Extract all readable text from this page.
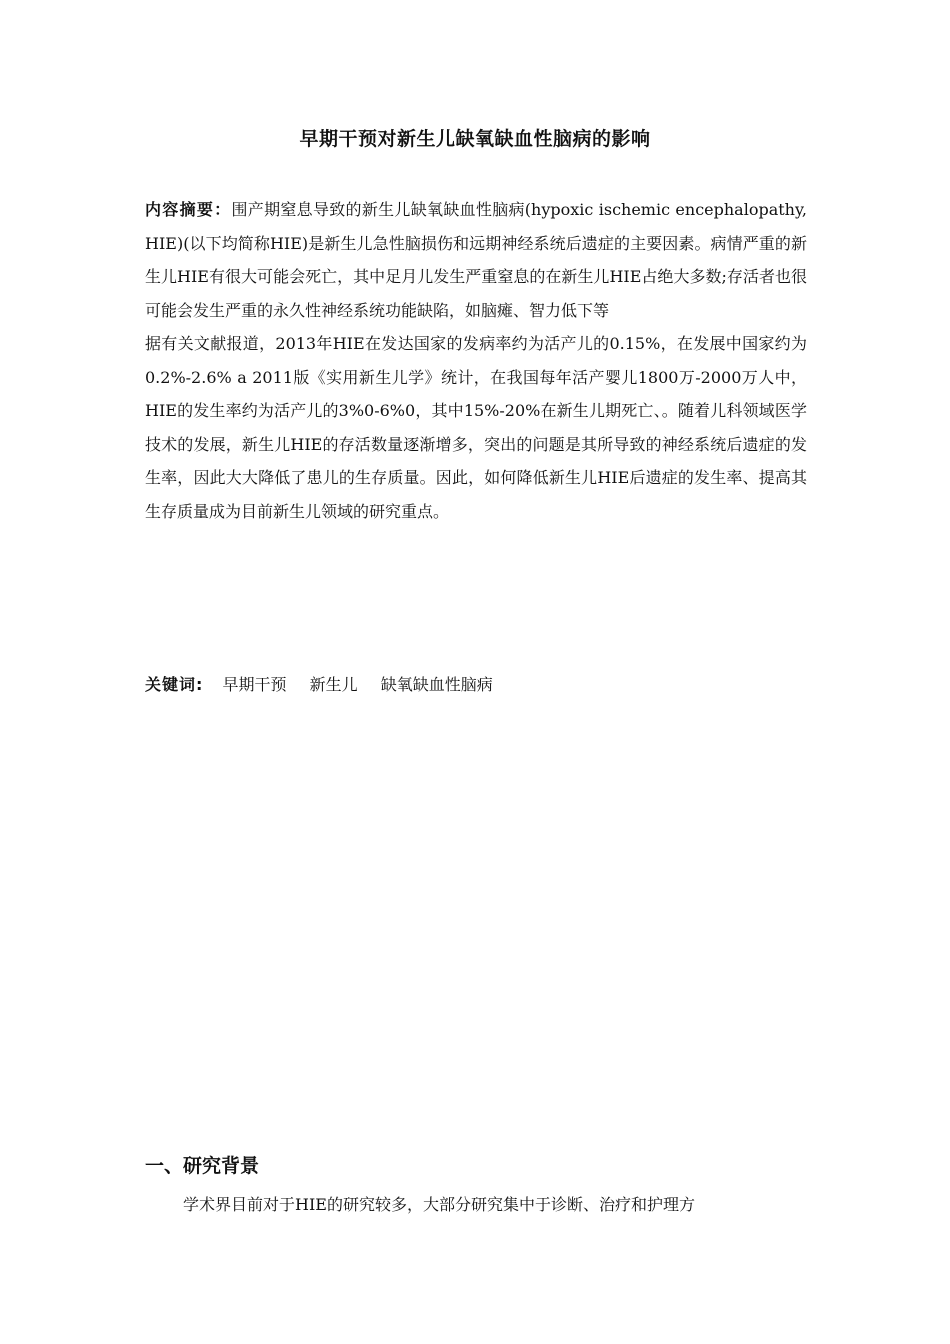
早期干预对新生儿缺氧缺血性脑病的影响

内容摘要：围产期窒息导致的新生儿缺氧缺血性脑病(hypoxic ischemic encephalopathy, HIE)(以下均简称HIE)是新生儿急性脑损伤和远期神经系统后遗症的主要因素。病情严重的新生儿HIE有很大可能会死亡，其中足月儿发生严重窒息的在新生儿HIE占绝大多数;存活者也很可能会发生严重的永久性神经系统功能缺陷，如脑瘫、智力低下等

据有关文献报道，2013年HIE在发达国家的发病率约为活产儿的0.15%，在发展中国家约为0.2%-2.6% a 2011版《实用新生儿学》统计，在我国每年活产婴儿1800万-2000万人中，HIE的发生率约为活产儿的3%0-6%0，其中15%-20%在新生儿期死亡、。随着儿科领域医学技术的发展，新生儿HIE的存活数量逐渐增多，突出的问题是其所导致的神经系统后遗症的发生率，因此大大降低了患儿的生存质量。因此，如何降低新生儿HIE后遗症的发生率、提高其生存质量成为目前新生儿领域的研究重点。

关键词: 早期干预 新生儿 缺氧缺血性脑病
一、研究背景
学术界目前对于HIE的研究较多，大部分研究集中于诊断、治疗和护理方
